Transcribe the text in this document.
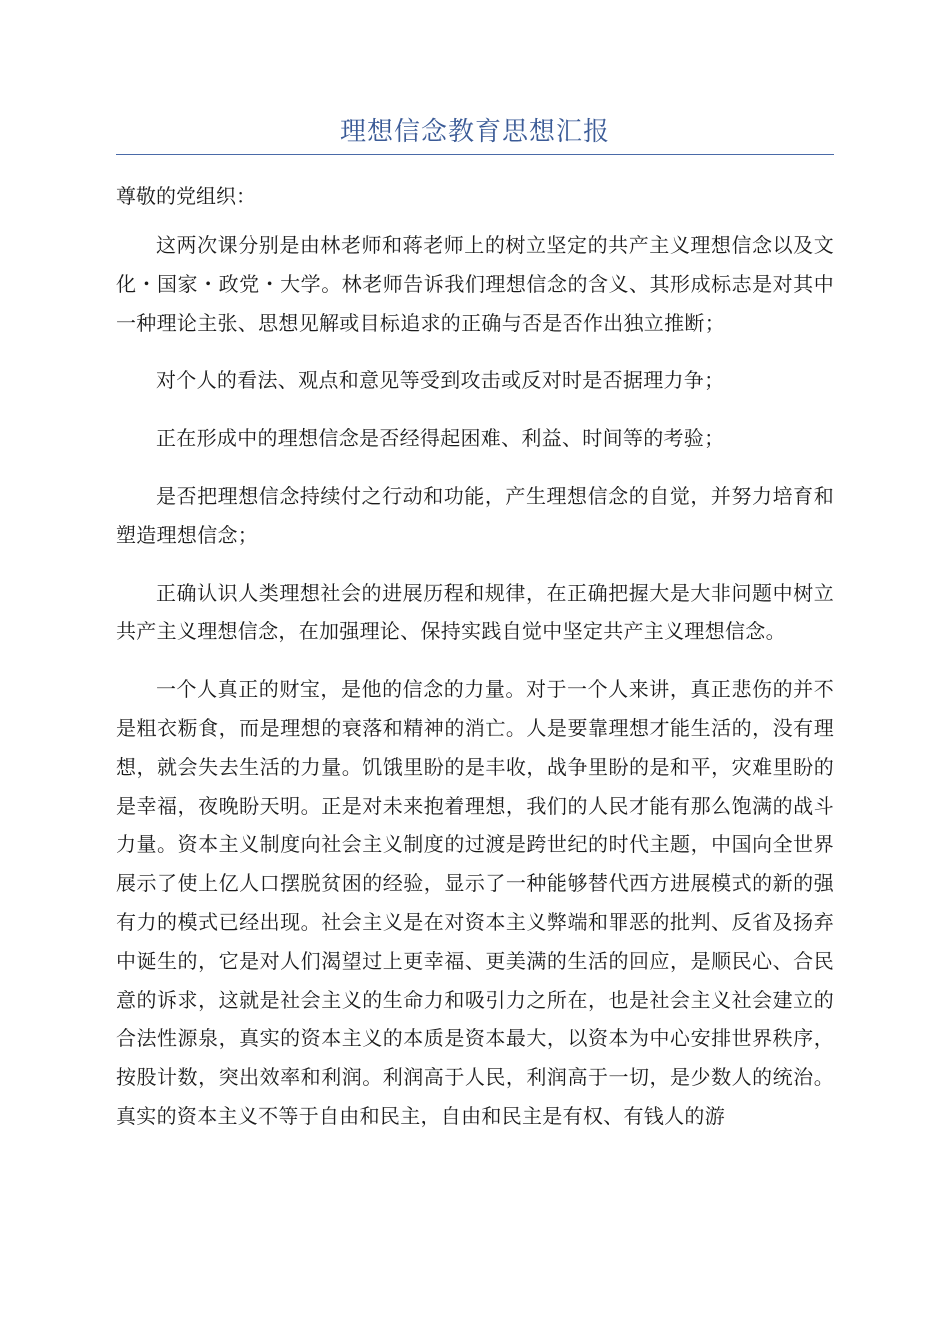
理想信念教育思想汇报
尊敬的党组织：

这两次课分别是由林老师和蒋老师上的树立坚定的共产主义理想信念以及文化・国家・政党・大学。林老师告诉我们理想信念的含义、其形成标志是对其中一种理论主张、思想见解或目标追求的正确与否是否作出独立推断；

对个人的看法、观点和意见等受到攻击或反对时是否据理力争；

正在形成中的理想信念是否经得起困难、利益、时间等的考验；

是否把理想信念持续付之行动和功能，产生理想信念的自觉，并努力培育和塑造理想信念；

正确认识人类理想社会的进展历程和规律，在正确把握大是大非问题中树立共产主义理想信念，在加强理论、保持实践自觉中坚定共产主义理想信念。

一个人真正的财宝，是他的信念的力量。对于一个人来讲，真正悲伤的并不是粗衣粝食，而是理想的衰落和精神的消亡。人是要靠理想才能生活的，没有理想，就会失去生活的力量。饥饿里盼的是丰收，战争里盼的是和平，灾难里盼的是幸福，夜晚盼天明。正是对未来抱着理想，我们的人民才能有那么饱满的战斗力量。资本主义制度向社会主义制度的过渡是跨世纪的时代主题，中国向全世界展示了使上亿人口摆脱贫困的经验，显示了一种能够替代西方进展模式的新的强有力的模式已经出现。社会主义是在对资本主义弊端和罪恶的批判、反省及扬弃中诞生的，它是对人们渴望过上更幸福、更美满的生活的回应，是顺民心、合民意的诉求，这就是社会主义的生命力和吸引力之所在，也是社会主义社会建立的合法性源泉，真实的资本主义的本质是资本最大，以资本为中心安排世界秩序，按股计数，突出效率和利润。利润高于人民，利润高于一切，是少数人的统治。真实的资本主义不等于自由和民主，自由和民主是有权、有钱人的游
